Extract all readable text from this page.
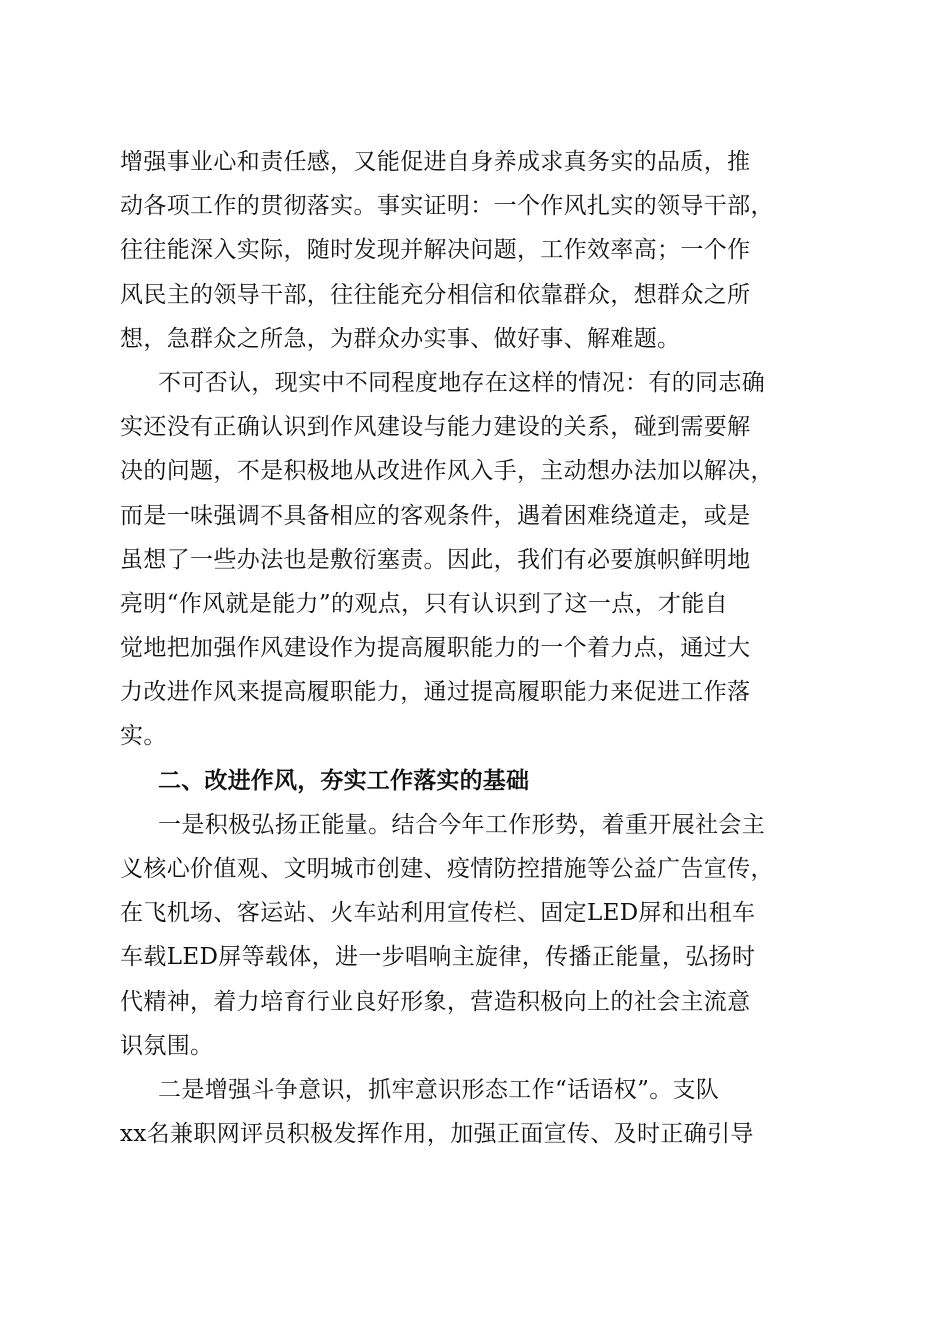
增强事业心和责任感，又能促进自身养成求真务实的品质，推
动各项工作的贯彻落实。事实证明：一个作风扎实的领导干部，
往往能深入实际，随时发现并解决问题，工作效率高；一个作
风民主的领导干部，往往能充分相信和依靠群众，想群众之所
想，急群众之所急，为群众办实事、做好事、解难题。
不可否认，现实中不同程度地存在这样的情况：有的同志确
实还没有正确认识到作风建设与能力建设的关系，碰到需要解
决的问题，不是积极地从改进作风入手，主动想办法加以解决，
而是一味强调不具备相应的客观条件，遇着困难绕道走，或是
虽想了一些办法也是敷衍塞责。因此，我们有必要旗帜鲜明地
亮明“作风就是能力”的观点，只有认识到了这一点，才能自
觉地把加强作风建设作为提高履职能力的一个着力点，通过大
力改进作风来提高履职能力，通过提高履职能力来促进工作落
实。
二、改进作风，夯实工作落实的基础
一是积极弘扬正能量。结合今年工作形势，着重开展社会主
义核心价值观、文明城市创建、疫情防控措施等公益广告宣传，
在飞机场、客运站、火车站利用宣传栏、固定LED屏和出租车
车载LED屏等载体，进一步唱响主旋律，传播正能量，弘扬时
代精神，着力培育行业良好形象，营造积极向上的社会主流意
识氛围。
二是增强斗争意识，抓牢意识形态工作“话语权”。支队
xx名兼职网评员积极发挥作用，加强正面宣传、及时正确引导
